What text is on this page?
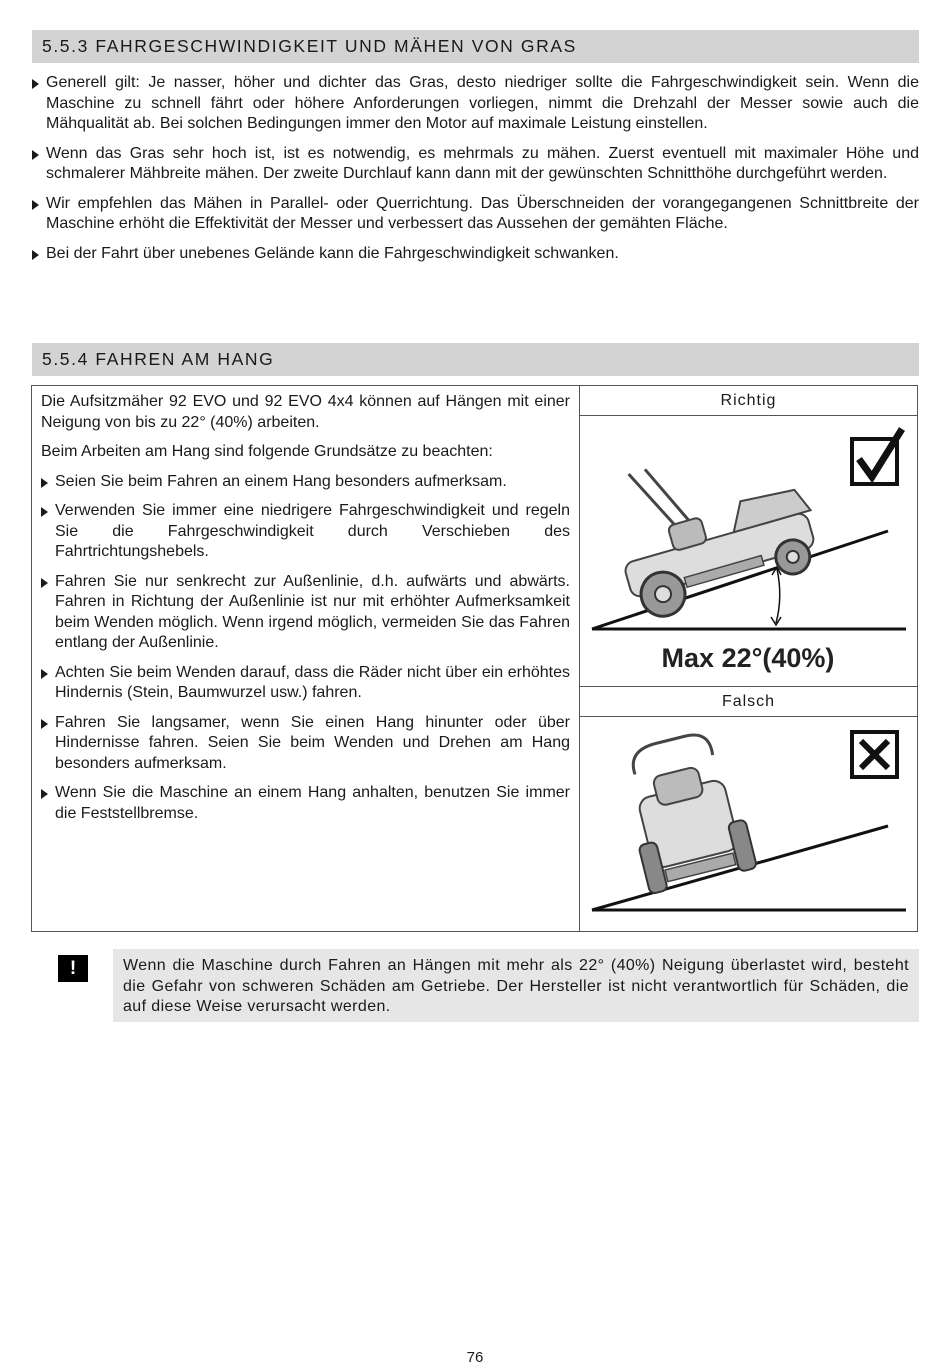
5.5.3 FAHRGESCHWINDIGKEIT UND MÄHEN VON GRAS
Generell gilt: Je nasser, höher und dichter das Gras, desto niedriger sollte die Fahrgeschwindigkeit sein. Wenn die Maschine zu schnell fährt oder höhere Anforderungen vorliegen, nimmt die Drehzahl der Messer sowie auch die Mähqualität ab. Bei solchen Bedingungen immer den Motor auf maximale Leistung einstellen.
Wenn das Gras sehr hoch ist, ist es notwendig, es mehrmals zu mähen. Zuerst eventuell mit maximaler Höhe und schmalerer Mähbreite mähen. Der zweite Durchlauf kann dann mit der gewünschten Schnitthöhe durchgeführt werden.
Wir empfehlen das Mähen in Parallel- oder Querrichtung. Das Überschneiden der vorangegangenen Schnittbreite der Maschine erhöht die Effektivität der Messer und verbessert das Aussehen der gemähten Fläche.
Bei der Fahrt über unebenes Gelände kann die Fahrgeschwindigkeit schwanken.
5.5.4 FAHREN AM HANG

Die Aufsitzmäher 92 EVO und 92 EVO 4x4 können auf Hängen mit einer Neigung von bis zu 22° (40%) arbeiten.

Beim Arbeiten am Hang sind folgende Grundsätze zu beachten:

Seien Sie beim Fahren an einem Hang besonders aufmerksam.
Verwenden Sie immer eine niedrigere Fahrgeschwindigkeit und regeln Sie die Fahrgeschwindigkeit durch Verschieben des Fahrtrichtungshebels.
Fahren Sie nur senkrecht zur Außenlinie, d.h. aufwärts und abwärts. Fahren in Richtung der Außenlinie ist nur mit erhöhter Aufmerksamkeit beim Wenden möglich. Wenn irgend möglich, vermeiden Sie das Fahren entlang der Außenlinie.
Achten Sie beim Wenden darauf, dass die Räder nicht über ein erhöhtes Hindernis (Stein, Baumwurzel usw.) fahren.
Fahren Sie langsamer, wenn Sie einen Hang hinunter oder über Hindernisse fahren. Seien Sie beim Wenden und Drehen am Hang besonders aufmerksam.
Wenn Sie die Maschine an einem Hang anhalten, benutzen Sie immer die Feststellbremse.
Richtig
Max 22°(40%)
Falsch
!	Wenn die Maschine durch Fahren an Hängen mit mehr als 22° (40%) Neigung überlastet wird, besteht die Gefahr von schweren Schäden am Getriebe. Der Hersteller ist nicht verantwortlich für Schäden, die auf diese Weise verursacht werden.
76
